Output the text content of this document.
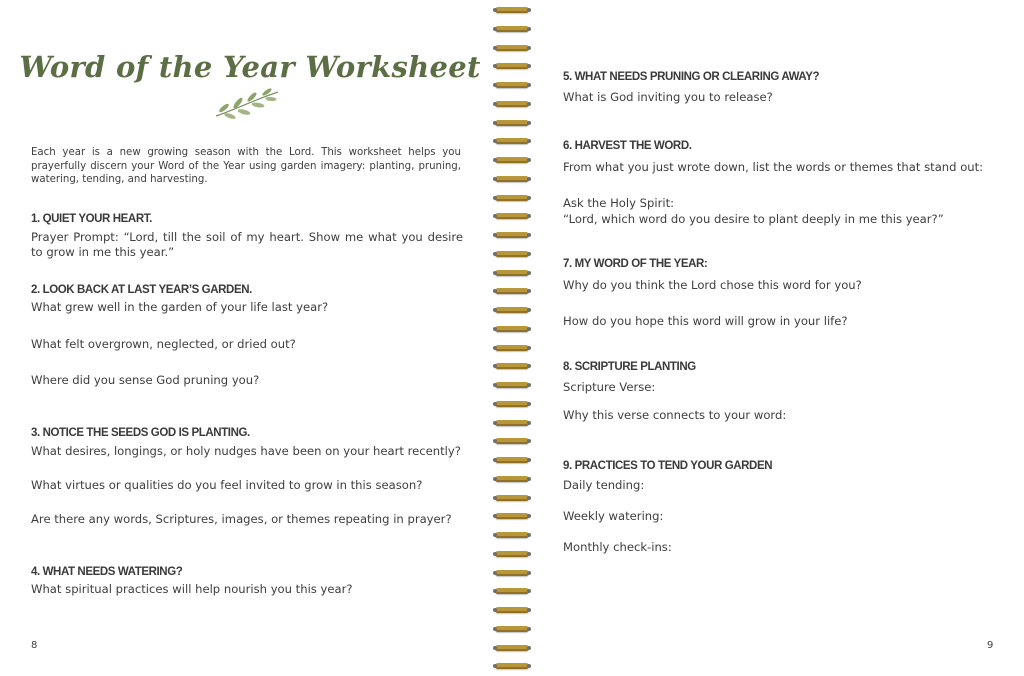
Word of the Year Worksheet

Each year is a new growing season with the Lord. This worksheet helps you prayerfully discern your Word of the Year using garden imagery: planting, pruning, watering, tending, and harvesting.

1. QUIET YOUR HEART.

Prayer Prompt: “Lord, till the soil of my heart. Show me what you desire to grow in me this year.”

2. LOOK BACK AT LAST YEAR’S GARDEN.

What grew well in the garden of your life last year?

What felt overgrown, neglected, or dried out?

Where did you sense God pruning you?

3. NOTICE THE SEEDS GOD IS PLANTING.

What desires, longings, or holy nudges have been on your heart recently?

What virtues or qualities do you feel invited to grow in this season?

Are there any words, Scriptures, images, or themes repeating in prayer?

4. WHAT NEEDS WATERING?

What spiritual practices will help nourish you this year?

8
5. WHAT NEEDS PRUNING OR CLEARING AWAY?

What is God inviting you to release?

6. HARVEST THE WORD.

From what you just wrote down, list the words or themes that stand out:

Ask the Holy Spirit:

“Lord, which word do you desire to plant deeply in me this year?”

7. MY WORD OF THE YEAR:

Why do you think the Lord chose this word for you?

How do you hope this word will grow in your life?

8. SCRIPTURE PLANTING

Scripture Verse:

Why this verse connects to your word:

9. PRACTICES TO TEND YOUR GARDEN

Daily tending:

Weekly watering:

Monthly check-ins:

9
